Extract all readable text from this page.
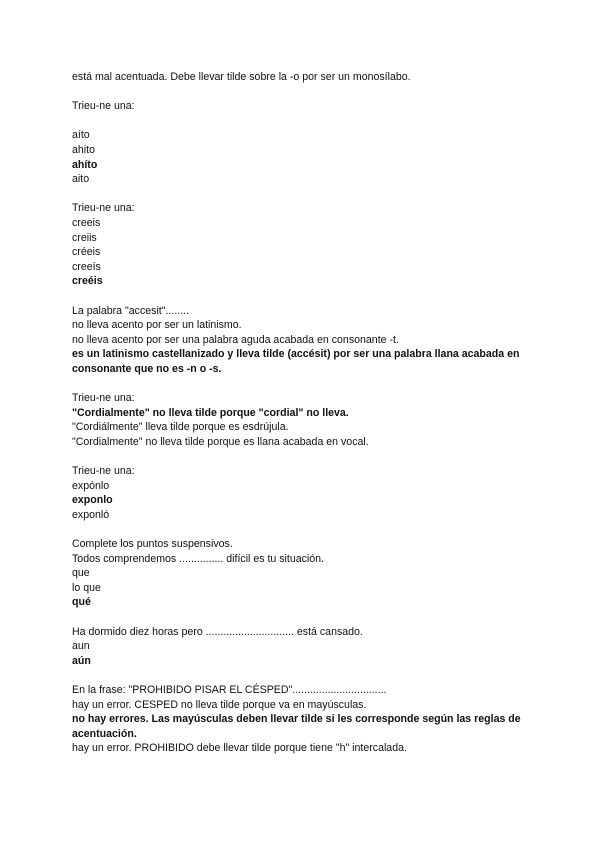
está mal acentuada. Debe llevar tilde sobre la -o por ser un monosílabo.
Trieu-ne una:

aíto
ahito
ahíto
aito
Trieu-ne una:
creeis
creiis
créeis
creeís
creéis
La palabra "accesit"........
no lleva acento por ser un latinismo.
no lleva acento por ser una palabra aguda acabada en consonante -t.
es un latinismo castellanizado y lleva tilde (accésit) por ser una palabra llana acabada en consonante que no es -n o -s.
Trieu-ne una:
"Cordialmente" no lleva tilde porque "cordial" no lleva.
"Cordiálmente" lleva tilde porque es esdrújula.
"Cordialmente" no lleva tilde porque es llana acabada en vocal.
Trieu-ne una:
expónlo
exponlo
exponló
Complete los puntos suspensivos.
Todos comprendemos ............... difícil es tu situación.
que
lo que
qué
Ha dormido diez horas pero .............................. está cansado.
aun
aún
En la frase: "PROHIBIDO PISAR EL CÉSPED"................................
hay un error. CESPED no lleva tilde porque va en mayúsculas.
no hay errores. Las mayúsculas deben llevar tilde si les corresponde según las reglas de acentuación.
hay un error. PROHIBIDO debe llevar tilde porque tiene "h" intercalada.
